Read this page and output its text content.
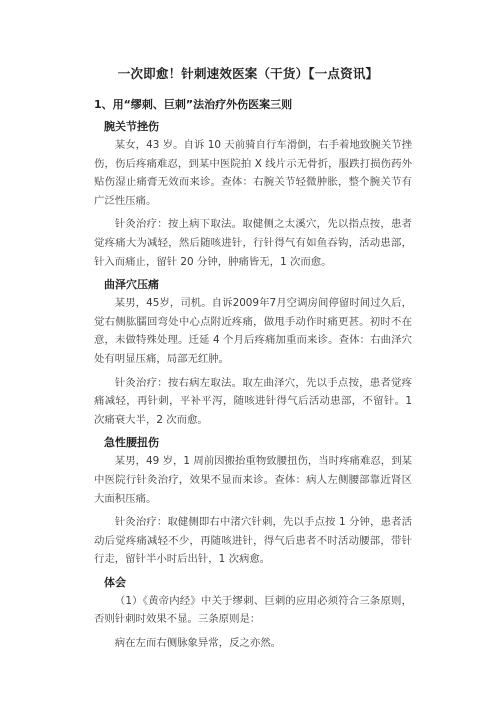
一次即愈！针刺速效医案（干货）【一点资讯】
1、用“缪刺、巨刺”法治疗外伤医案三则
腕关节挫伤
某女，43 岁。自诉 10 天前骑自行车滑倒，右手着地致腕关节挫伤，伤后疼痛难忍，到某中医院拍 X 线片示无骨折，服跌打损伤药外贴伤湿止痛膏无效而来诊。查体：右腕关节轻微肿胀，整个腕关节有广泛性压痛。
针灸治疗：按上病下取法。取健侧之太溪穴，先以指点按，患者觉疼痛大为减轻，然后随咳进针，行针得气有如鱼吞钩，活动患部，针入而痛止，留针 20 分钟，肿痛皆无，1 次而愈。
曲泽穴压痛
某男，45岁，司机。自诉2009年7月空调房间停留时间过久后，觉右侧肱臑回弯处中心点附近疼痛，做甩手动作时痛更甚。初时不在意，未做特殊处理。迁延 4 个月后疼痛加重而来诊。查体：右曲泽穴处有明显压痛，局部无红肿。
针灸治疗：按右病左取法。取左曲泽穴，先以手点按，患者觉疼痛减轻，再针刺，平补平泻，随咳进针得气后活动患部，不留针。1 次痛衰大半，2 次而愈。
急性腰扭伤
某男，49 岁，1 周前因搬抬重物致腰扭伤，当时疼痛难忍，到某中医院行针灸治疗，效果不显而来诊。查体：病人左侧腰部靠近肾区大面积压痛。
针灸治疗：取健侧即右中渚穴针刺，先以手点按 1 分钟，患者活动后觉疼痛减轻不少，再随咳进针，得气后患者不时活动腰部，带针行走，留针半小时后出针，1 次病愈。
体会
（1）《黄帝内经》中关于缪刺、巨刺的应用必须符合三条原则，否则针刺时效果不显。三条原则是：
病在左而右侧脉象异常，反之亦然。
